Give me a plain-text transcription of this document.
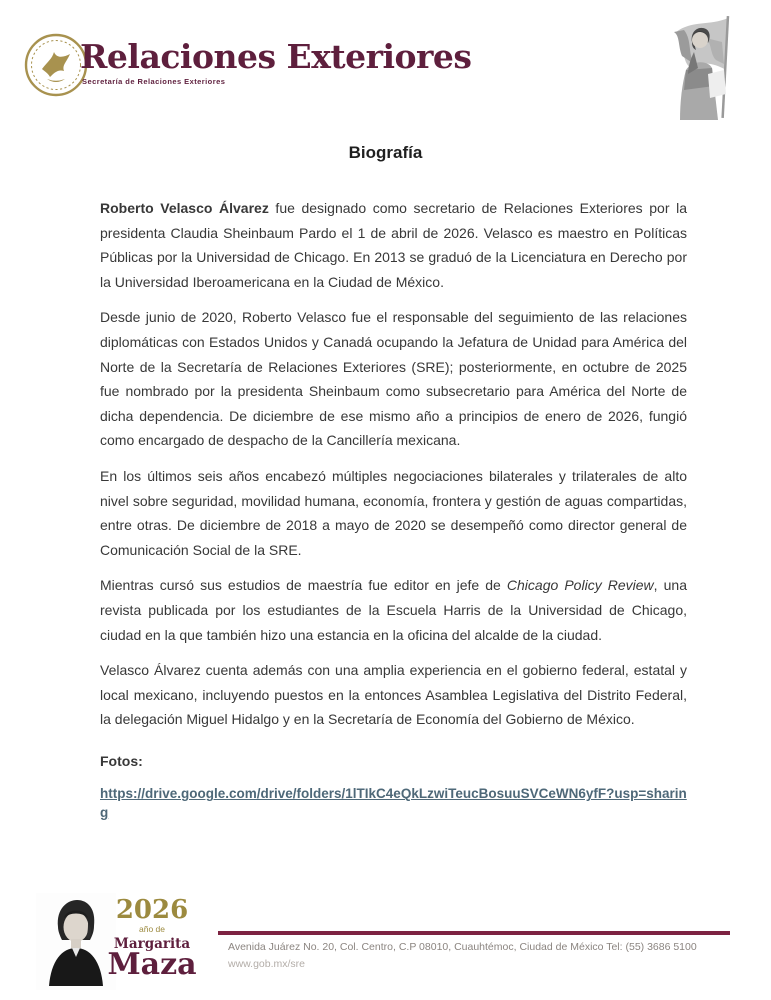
Relaciones Exteriores
Secretaría de Relaciones Exteriores
Biografía

Roberto Velasco Álvarez fue designado como secretario de Relaciones Exteriores por la presidenta Claudia Sheinbaum Pardo el 1 de abril de 2026. Velasco es maestro en Políticas Públicas por la Universidad de Chicago. En 2013 se graduó de la Licenciatura en Derecho por la Universidad Iberoamericana en la Ciudad de México.

Desde junio de 2020, Roberto Velasco fue el responsable del seguimiento de las relaciones diplomáticas con Estados Unidos y Canadá ocupando la Jefatura de Unidad para América del Norte de la Secretaría de Relaciones Exteriores (SRE); posteriormente, en octubre de 2025 fue nombrado por la presidenta Sheinbaum como subsecretario para América del Norte de dicha dependencia. De diciembre de ese mismo año a principios de enero de 2026, fungió como encargado de despacho de la Cancillería mexicana.

En los últimos seis años encabezó múltiples negociaciones bilaterales y trilaterales de alto nivel sobre seguridad, movilidad humana, economía, frontera y gestión de aguas compartidas, entre otras. De diciembre de 2018 a mayo de 2020 se desempeñó como director general de Comunicación Social de la SRE.

Mientras cursó sus estudios de maestría fue editor en jefe de Chicago Policy Review, una revista publicada por los estudiantes de la Escuela Harris de la Universidad de Chicago, ciudad en la que también hizo una estancia en la oficina del alcalde de la ciudad.

Velasco Álvarez cuenta además con una amplia experiencia en el gobierno federal, estatal y local mexicano, incluyendo puestos en la entonces Asamblea Legislativa del Distrito Federal, la delegación Miguel Hidalgo y en la Secretaría de Economía del Gobierno de México.

Fotos:

https://drive.google.com/drive/folders/1lTIkC4eQkLzwiTeucBosuuSVCeWN6yfF?usp=sharing
2026
año de
Margarita
Maza	Avenida Juárez No. 20, Col. Centro, C.P 08010, Cuauhtémoc, Ciudad de México Tel: (55) 3686 5100
www.gob.mx/sre
